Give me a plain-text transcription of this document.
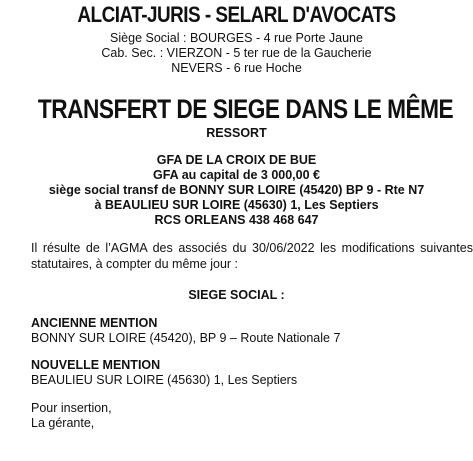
ALCIAT-JURIS - SELARL D'AVOCATS
Siège Social : BOURGES - 4 rue Porte Jaune
Cab. Sec. : VIERZON - 5 ter rue de la Gaucherie
NEVERS - 6 rue Hoche
TRANSFERT DE SIEGE DANS LE MÊME
RESSORT
GFA DE LA CROIX DE BUE
GFA au capital de 3 000,00 €
siège social transf de BONNY SUR LOIRE (45420) BP 9 - Rte N7
à BEAULIEU SUR LOIRE (45630) 1, Les Septiers
RCS ORLEANS 438 468 647
Il résulte de l’AGMA des associés du 30/06/2022 les modifications suivantes
statutaires, à compter du même jour :
SIEGE SOCIAL :
ANCIENNE MENTION
BONNY SUR LOIRE (45420), BP 9 – Route Nationale 7
NOUVELLE MENTION
BEAULIEU SUR LOIRE (45630) 1, Les Septiers
Pour insertion,
La gérante,
